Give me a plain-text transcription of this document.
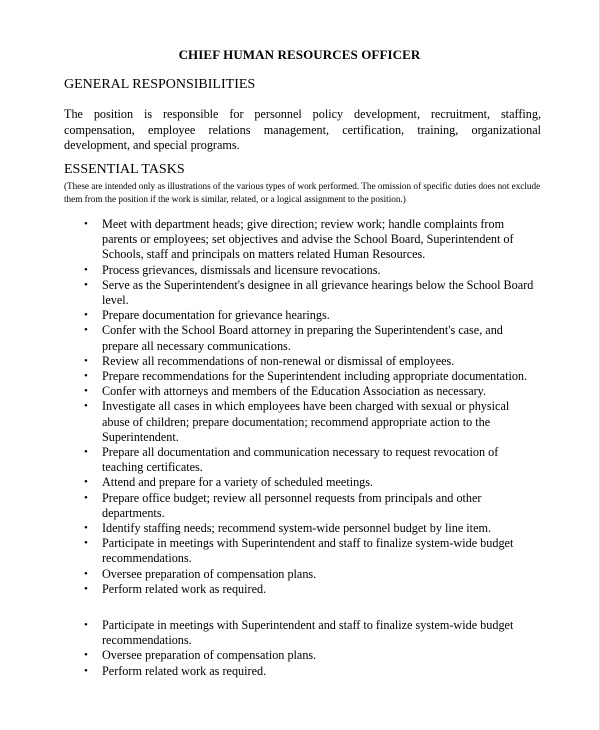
CHIEF HUMAN RESOURCES OFFICER
GENERAL RESPONSIBILITIES
The position is responsible for personnel policy development, recruitment, staffing, compensation, employee relations management, certification, training, organizational development, and special programs.
ESSENTIAL TASKS
(These are intended only as illustrations of the various types of work performed. The omission of specific duties does not exclude them from the position if the work is similar, related, or a logical assignment to the position.)
• Meet with department heads; give direction; review work; handle complaints from parents or employees; set objectives and advise the School Board, Superintendent of Schools, staff and principals on matters related Human Resources.
• Process grievances, dismissals and licensure revocations.
• Serve as the Superintendent's designee in all grievance hearings below the School Board level.
• Prepare documentation for grievance hearings.
• Confer with the School Board attorney in preparing the Superintendent's case, and prepare all necessary communications.
• Review all recommendations of non-renewal or dismissal of employees.
• Prepare recommendations for the Superintendent including appropriate documentation.
• Confer with attorneys and members of the Education Association as necessary.
• Investigate all cases in which employees have been charged with sexual or physical abuse of children; prepare documentation; recommend appropriate action to the Superintendent.
• Prepare all documentation and communication necessary to request revocation of teaching certificates.
• Attend and prepare for a variety of scheduled meetings.
• Prepare office budget; review all personnel requests from principals and other departments.
• Identify staffing needs; recommend system-wide personnel budget by line item.
• Participate in meetings with Superintendent and staff to finalize system-wide budget recommendations.
• Oversee preparation of compensation plans.
• Perform related work as required.
• Participate in meetings with Superintendent and staff to finalize system-wide budget recommendations.
• Oversee preparation of compensation plans.
• Perform related work as required.
